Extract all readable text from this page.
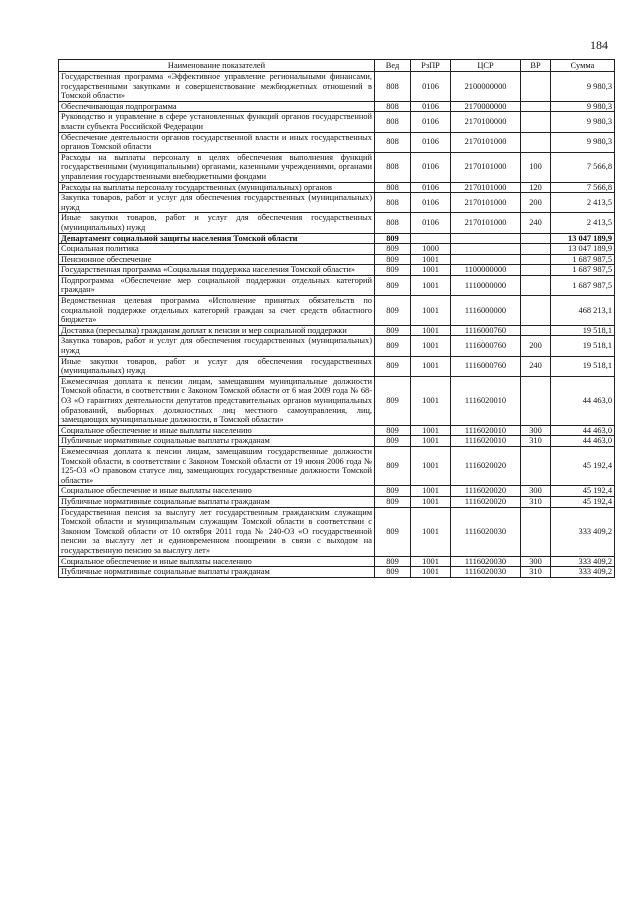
184
Наименование показателей	Вед	РзПР	ЦСР	ВР	Сумма
Государственная программа «Эффективное управление региональными финансами, государственными закупками и совершенствование межбюджетных отношений в Томской области»	808	0106	2100000000		9 980,3
Обеспечивающая подпрограмма	808	0106	2170000000		9 980,3
Руководство и управление в сфере установленных функций органов государственной власти субъекта Российской Федерации	808	0106	2170100000		9 980,3
Обеспечение деятельности органов государственной власти и иных государственных органов Томской области	808	0106	2170101000		9 980,3
Расходы на выплаты персоналу в целях обеспечения выполнения функций государственными (муниципальными) органами, казенными учреждениями, органами управления государственными внебюджетными фондами	808	0106	2170101000	100	7 566,8
Расходы на выплаты персоналу государственных (муниципальных) органов	808	0106	2170101000	120	7 566,8
Закупка товаров, работ и услуг для обеспечения государственных (муниципальных) нужд	808	0106	2170101000	200	2 413,5
Иные закупки товаров, работ и услуг для обеспечения государственных (муниципальных) нужд	808	0106	2170101000	240	2 413,5
Департамент социальной защиты населения Томской области	809				13 047 189,9
Социальная политика	809	1000			13 047 189,9
Пенсионное обеспечение	809	1001			1 687 987,5
Государственная программа «Социальная поддержка населения Томской области»	809	1001	1100000000		1 687 987,5
Подпрограмма «Обеспечение мер социальной поддержки отдельных категорий граждан»	809	1001	1110000000		1 687 987,5
Ведомственная целевая программа «Исполнение принятых обязательств по социальной поддержке отдельных категорий граждан за счет средств областного бюджета»	809	1001	1116000000		468 213,1
Доставка (пересылка) гражданам доплат к пенсии и мер социальной поддержки	809	1001	1116000760		19 518,1
Закупка товаров, работ и услуг для обеспечения государственных (муниципальных) нужд	809	1001	1116000760	200	19 518,1
Иные закупки товаров, работ и услуг для обеспечения государственных (муниципальных) нужд	809	1001	1116000760	240	19 518,1
Ежемесячная доплата к пенсии лицам, замещавшим муниципальные должности Томской области, в соответствии с Законом Томской области от 6 мая 2009 года № 68-ОЗ «О гарантиях деятельности депутатов представительных органов муниципальных образований, выборных должностных лиц местного самоуправления, лиц, замещающих муниципальные должности, в Томской области»	809	1001	1116020010		44 463,0
Социальное обеспечение и иные выплаты населению	809	1001	1116020010	300	44 463,0
Публичные нормативные социальные выплаты гражданам	809	1001	1116020010	310	44 463,0
Ежемесячная доплата к пенсии лицам, замещавшим государственные должности Томской области, в соответствии с Законом Томской области от 19 июня 2006 года № 125-ОЗ «О правовом статусе лиц, замещающих государственные должности Томской области»	809	1001	1116020020		45 192,4
Социальное обеспечение и иные выплаты населению	809	1001	1116020020	300	45 192,4
Публичные нормативные социальные выплаты гражданам	809	1001	1116020020	310	45 192,4
Государственная пенсия за выслугу лет государственным гражданским служащим Томской области и муниципальным служащим Томской области в соответствии с Законом Томской области от 10 октября 2011 года № 240-ОЗ «О государственной пенсии за выслугу лет и единовременном поощрении в связи с выходом на государственную пенсию за выслугу лет»	809	1001	1116020030		333 409,2
Социальное обеспечение и иные выплаты населению	809	1001	1116020030	300	333 409,2
Публичные нормативные социальные выплаты гражданам	809	1001	1116020030	310	333 409,2
